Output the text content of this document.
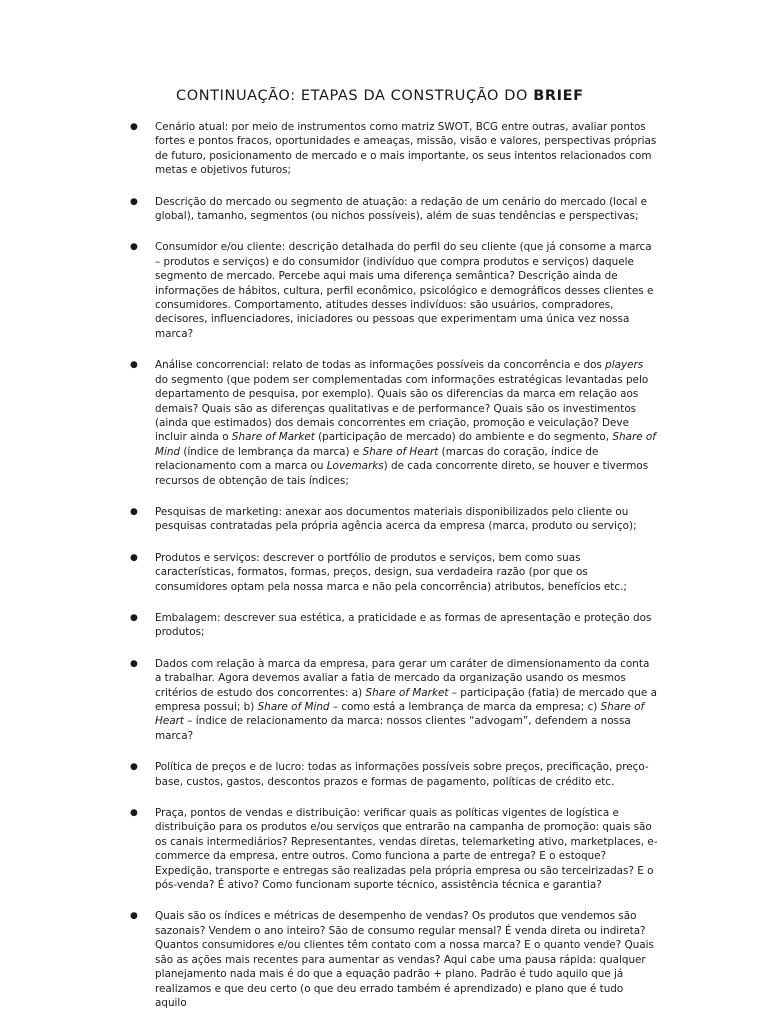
CONTINUAÇÃO: ETAPAS DA CONSTRUÇÃO DO BRIEF
● Cenário atual: por meio de instrumentos como matriz SWOT, BCG entre outras, avaliar pontos fortes e pontos fracos, oportunidades e ameaças, missão, visão e valores, perspectivas próprias de futuro, posicionamento de mercado e o mais importante, os seus intentos relacionados com metas e objetivos futuros;
● Descrição do mercado ou segmento de atuação: a redação de um cenário do mercado (local e global), tamanho, segmentos (ou nichos possíveis), além de suas tendências e perspectivas;
● Consumidor e/ou cliente: descrição detalhada do perfil do seu cliente (que já consome a marca – produtos e serviços) e do consumidor (indivíduo que compra produtos e serviços) daquele segmento de mercado. Percebe aqui mais uma diferença semântica? Descrição ainda de informações de hábitos, cultura, perfil econômico, psicológico e demográficos desses clientes e consumidores. Comportamento, atitudes desses indivíduos: são usuários, compradores, decisores, influenciadores, iniciadores ou pessoas que experimentam uma única vez nossa marca?
● Análise concorrencial: relato de todas as informações possíveis da concorrência e dos players do segmento (que podem ser complementadas com informações estratégicas levantadas pelo departamento de pesquisa, por exemplo). Quais são os diferencias da marca em relação aos demais? Quais são as diferenças qualitativas e de performance? Quais são os investimentos (ainda que estimados) dos demais concorrentes em criação, promoção e veiculação? Deve incluir ainda o Share of Market (participação de mercado) do ambiente e do segmento, Share of Mind (índice de lembrança da marca) e Share of Heart (marcas do coração, índice de relacionamento com a marca ou Lovemarks) de cada concorrente direto, se houver e tivermos recursos de obtenção de tais índices;
● Pesquisas de marketing: anexar aos documentos materiais disponibilizados pelo cliente ou pesquisas contratadas pela própria agência acerca da empresa (marca, produto ou serviço);
● Produtos e serviços: descrever o portfólio de produtos e serviços, bem como suas características, formatos, formas, preços, design, sua verdadeira razão (por que os consumidores optam pela nossa marca e não pela concorrência) atributos, benefícios etc.;
● Embalagem: descrever sua estética, a praticidade e as formas de apresentação e proteção dos produtos;
● Dados com relação à marca da empresa, para gerar um caráter de dimensionamento da conta a trabalhar. Agora devemos avaliar a fatia de mercado da organização usando os mesmos critérios de estudo dos concorrentes: a) Share of Market – participação (fatia) de mercado que a empresa possui; b) Share of Mind – como está a lembrança de marca da empresa; c) Share of Heart – índice de relacionamento da marca: nossos clientes “advogam”, defendem a nossa marca?
● Política de preços e de lucro: todas as informações possíveis sobre preços, precificação, preço-base, custos, gastos, descontos prazos e formas de pagamento, políticas de crédito etc.
● Praça, pontos de vendas e distribuição: verificar quais as políticas vigentes de logística e distribuição para os produtos e/ou serviços que entrarão na campanha de promoção: quais são os canais intermediários? Representantes, vendas diretas, telemarketing ativo, marketplaces, e-commerce da empresa, entre outros. Como funciona a parte de entrega? E o estoque? Expedição, transporte e entregas são realizadas pela própria empresa ou são terceirizadas? E o pós-venda? É ativo? Como funcionam suporte técnico, assistência técnica e garantia?
● Quais são os índices e métricas de desempenho de vendas? Os produtos que vendemos são sazonais? Vendem o ano inteiro? São de consumo regular mensal? É venda direta ou indireta? Quantos consumidores e/ou clientes têm contato com a nossa marca? E o quanto vende? Quais são as ações mais recentes para aumentar as vendas? Aqui cabe uma pausa rápida: qualquer planejamento nada mais é do que a equação padrão + plano. Padrão é tudo aquilo que já realizamos e que deu certo (o que deu errado também é aprendizado) e plano que é tudo aquilo
